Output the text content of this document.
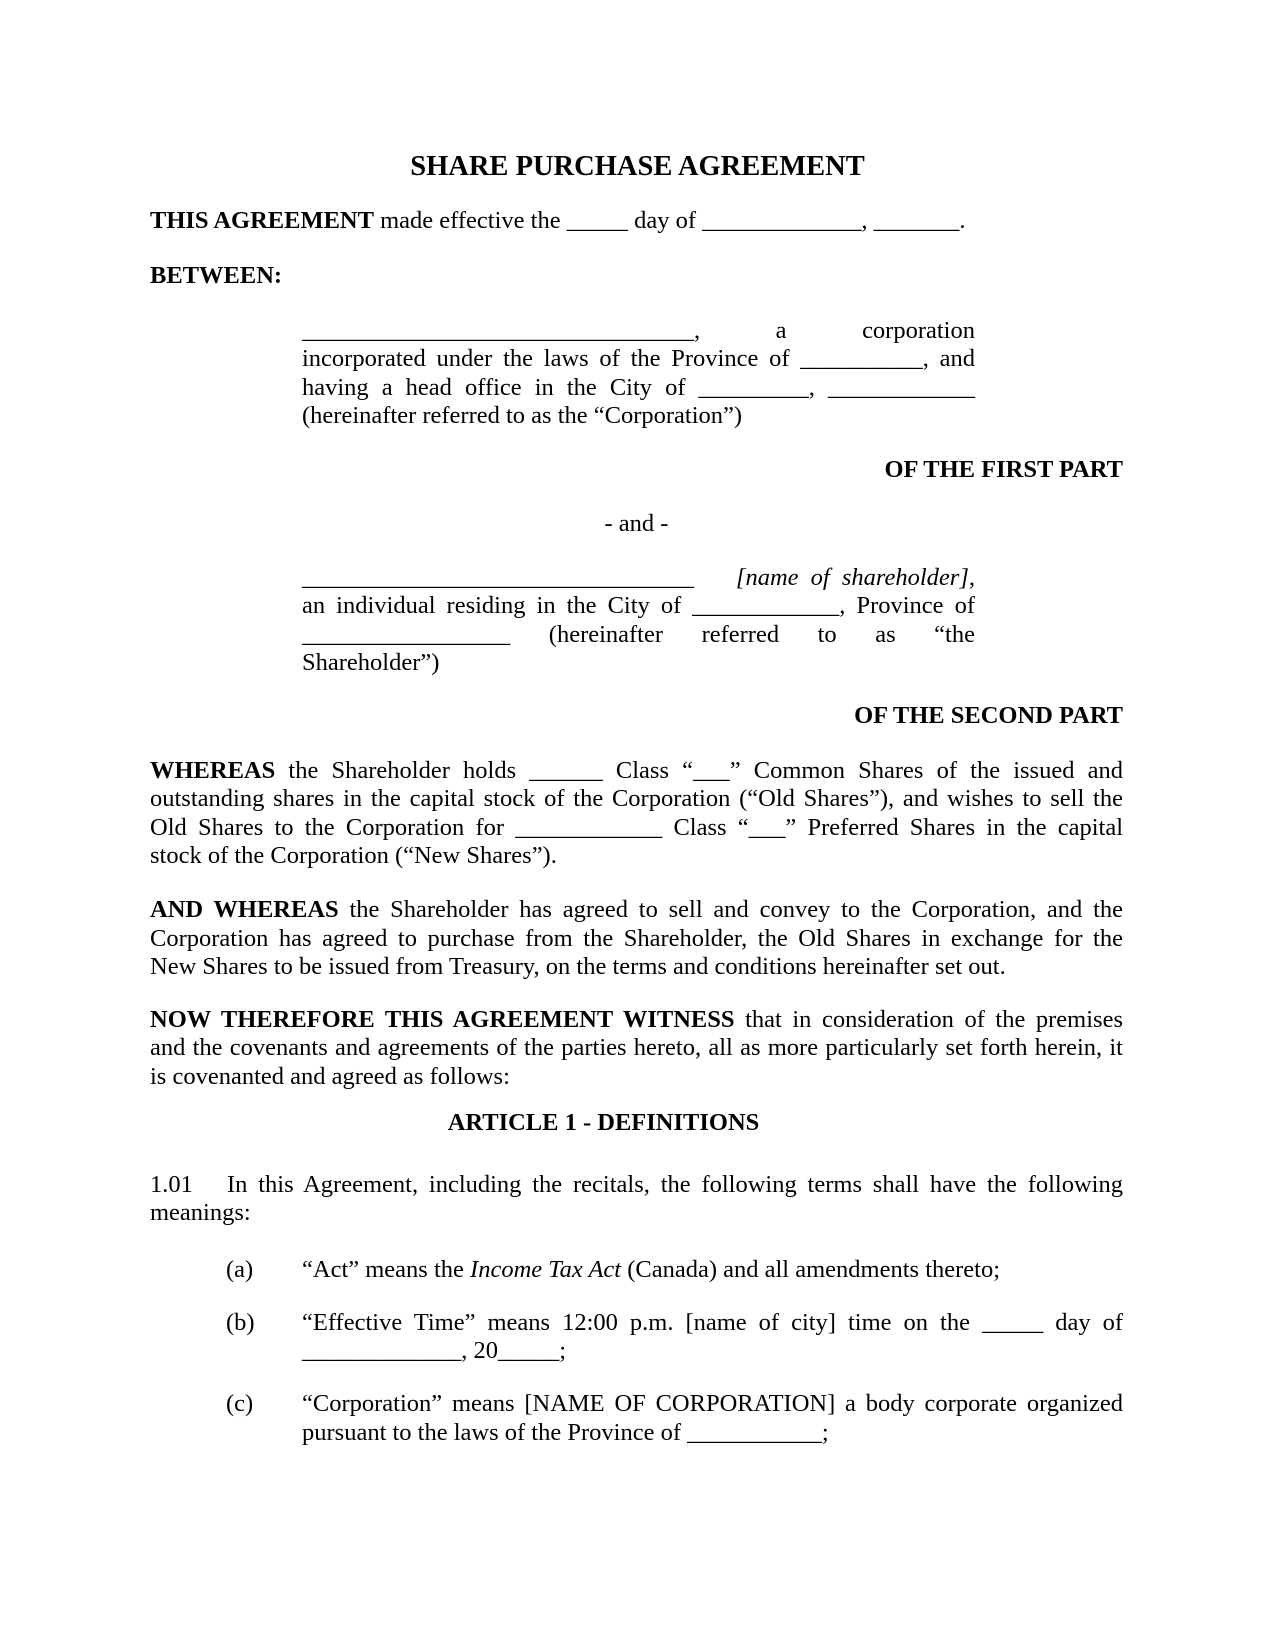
SHARE PURCHASE AGREEMENT
THIS AGREEMENT made effective the _____ day of _____________, _______.
BETWEEN:
________________________________,	a	corporation
incorporated under the laws of the Province of __________, and
having a head office in the City of _________, ____________
(hereinafter referred to as the “Corporation”)
OF THE FIRST PART
- and -
________________________________ [name of shareholder],
an individual residing in the City of ____________, Province of
_________________ (hereinafter referred to as “the
Shareholder”)
OF THE SECOND PART
WHEREAS the Shareholder holds ______ Class “___” Common Shares of the issued and
outstanding shares in the capital stock of the Corporation (“Old Shares”), and wishes to sell the
Old Shares to the Corporation for ____________ Class “___” Preferred Shares in the capital
stock of the Corporation (“New Shares”).
AND WHEREAS the Shareholder has agreed to sell and convey to the Corporation, and the
Corporation has agreed to purchase from the Shareholder, the Old Shares in exchange for the
New Shares to be issued from Treasury, on the terms and conditions hereinafter set out.
NOW THEREFORE THIS AGREEMENT WITNESS that in consideration of the premises
and the covenants and agreements of the parties hereto, all as more particularly set forth herein, it
is covenanted and agreed as follows:
ARTICLE 1 - DEFINITIONS
1.01 In this Agreement, including the recitals, the following terms shall have the following
meanings:
(a) “Act” means the Income Tax Act (Canada) and all amendments thereto;
(b) “Effective Time” means 12:00 p.m. [name of city] time on the _____ day of
_____________, 20_____;
(c) “Corporation” means [NAME OF CORPORATION] a body corporate organized
pursuant to the laws of the Province of ___________;
